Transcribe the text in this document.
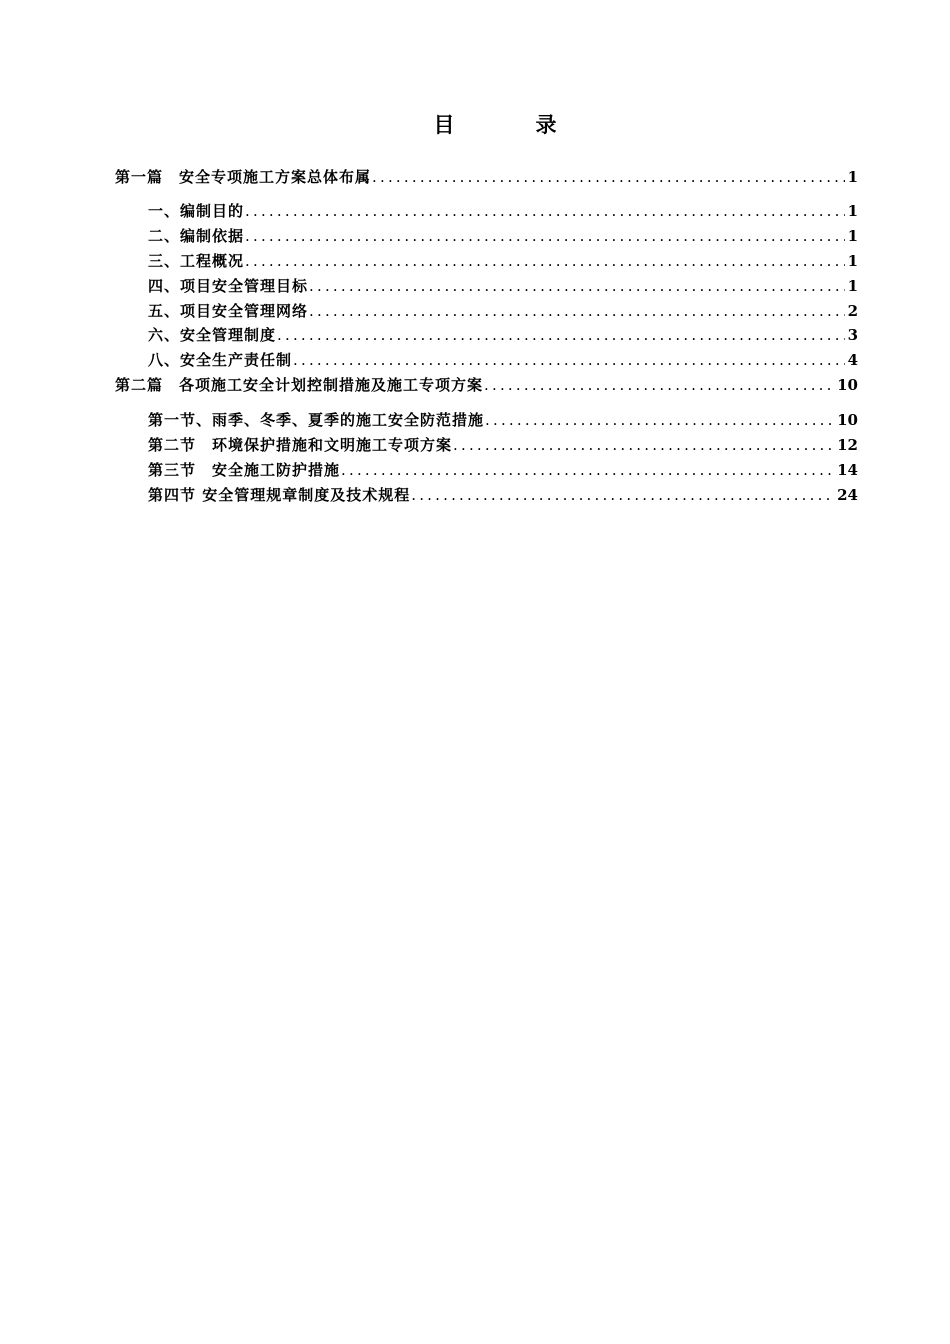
目　录
第一篇　安全专项施工方案总体布属 .....	1
一、编制目的 .....	1
二、编制依据 .....	1
三、工程概况 .....	1
四、项目安全管理目标 .....	1
五、项目安全管理网络 .....	2
六、安全管理制度 .....	3
八、安全生产责任制 .....	4
第二篇　各项施工安全计划控制措施及施工专项方案 .....	10
第一节、雨季、冬季、夏季的施工安全防范措施 .....	10
第二节　环境保护措施和文明施工专项方案 .....	12
第三节　安全施工防护措施 .....	14
第四节 安全管理规章制度及技术规程 .....	24
